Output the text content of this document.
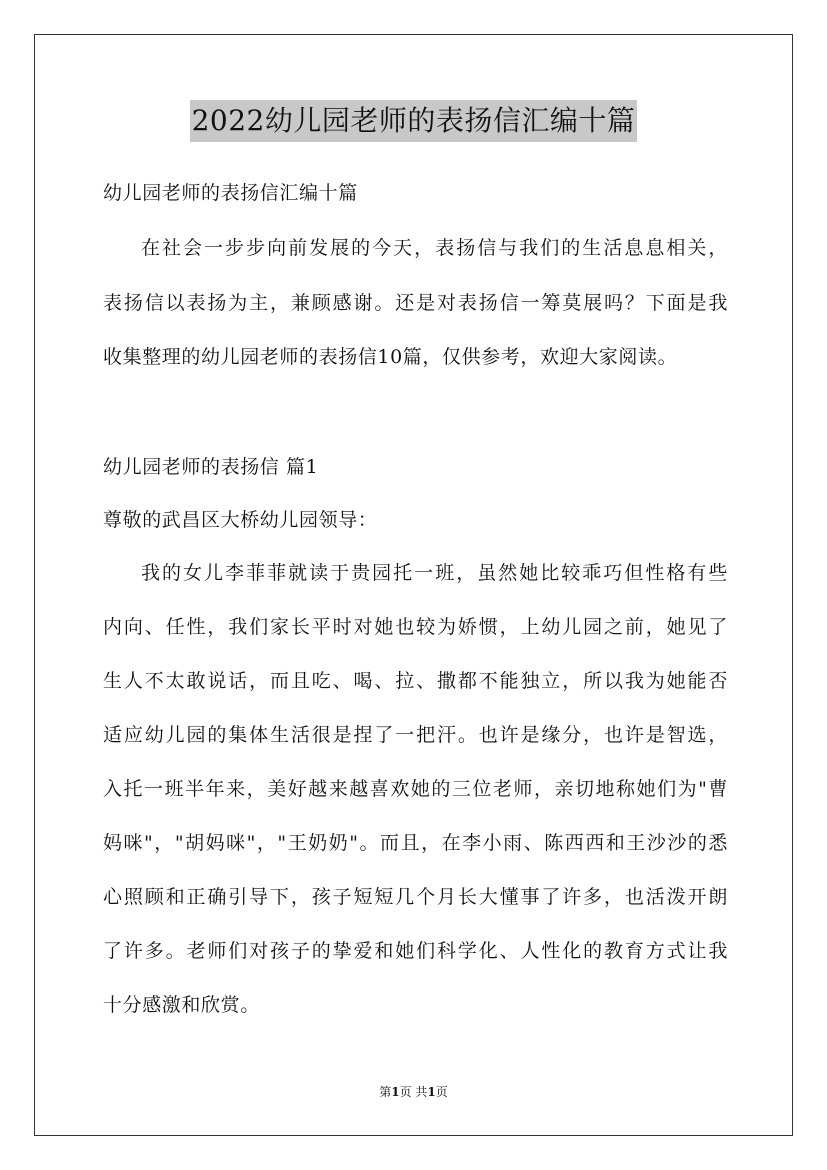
2022幼儿园老师的表扬信汇编十篇
幼儿园老师的表扬信汇编十篇
在社会一步步向前发展的今天，表扬信与我们的生活息息相关，
表扬信以表扬为主，兼顾感谢。还是对表扬信一筹莫展吗？下面是我
收集整理的幼儿园老师的表扬信10篇，仅供参考，欢迎大家阅读。
幼儿园老师的表扬信 篇1
尊敬的武昌区大桥幼儿园领导：
我的女儿李菲菲就读于贵园托一班，虽然她比较乖巧但性格有些
内向、任性，我们家长平时对她也较为娇惯，上幼儿园之前，她见了
生人不太敢说话，而且吃、喝、拉、撒都不能独立，所以我为她能否
适应幼儿园的集体生活很是捏了一把汗。也许是缘分，也许是智选，
入托一班半年来，美好越来越喜欢她的三位老师，亲切地称她们为"曹
妈咪"，"胡妈咪"，"王奶奶"。而且，在李小雨、陈西西和王沙沙的悉
心照顾和正确引导下，孩子短短几个月长大懂事了许多，也活泼开朗
了许多。老师们对孩子的挚爱和她们科学化、人性化的教育方式让我
十分感激和欣赏。
第1页 共1页
